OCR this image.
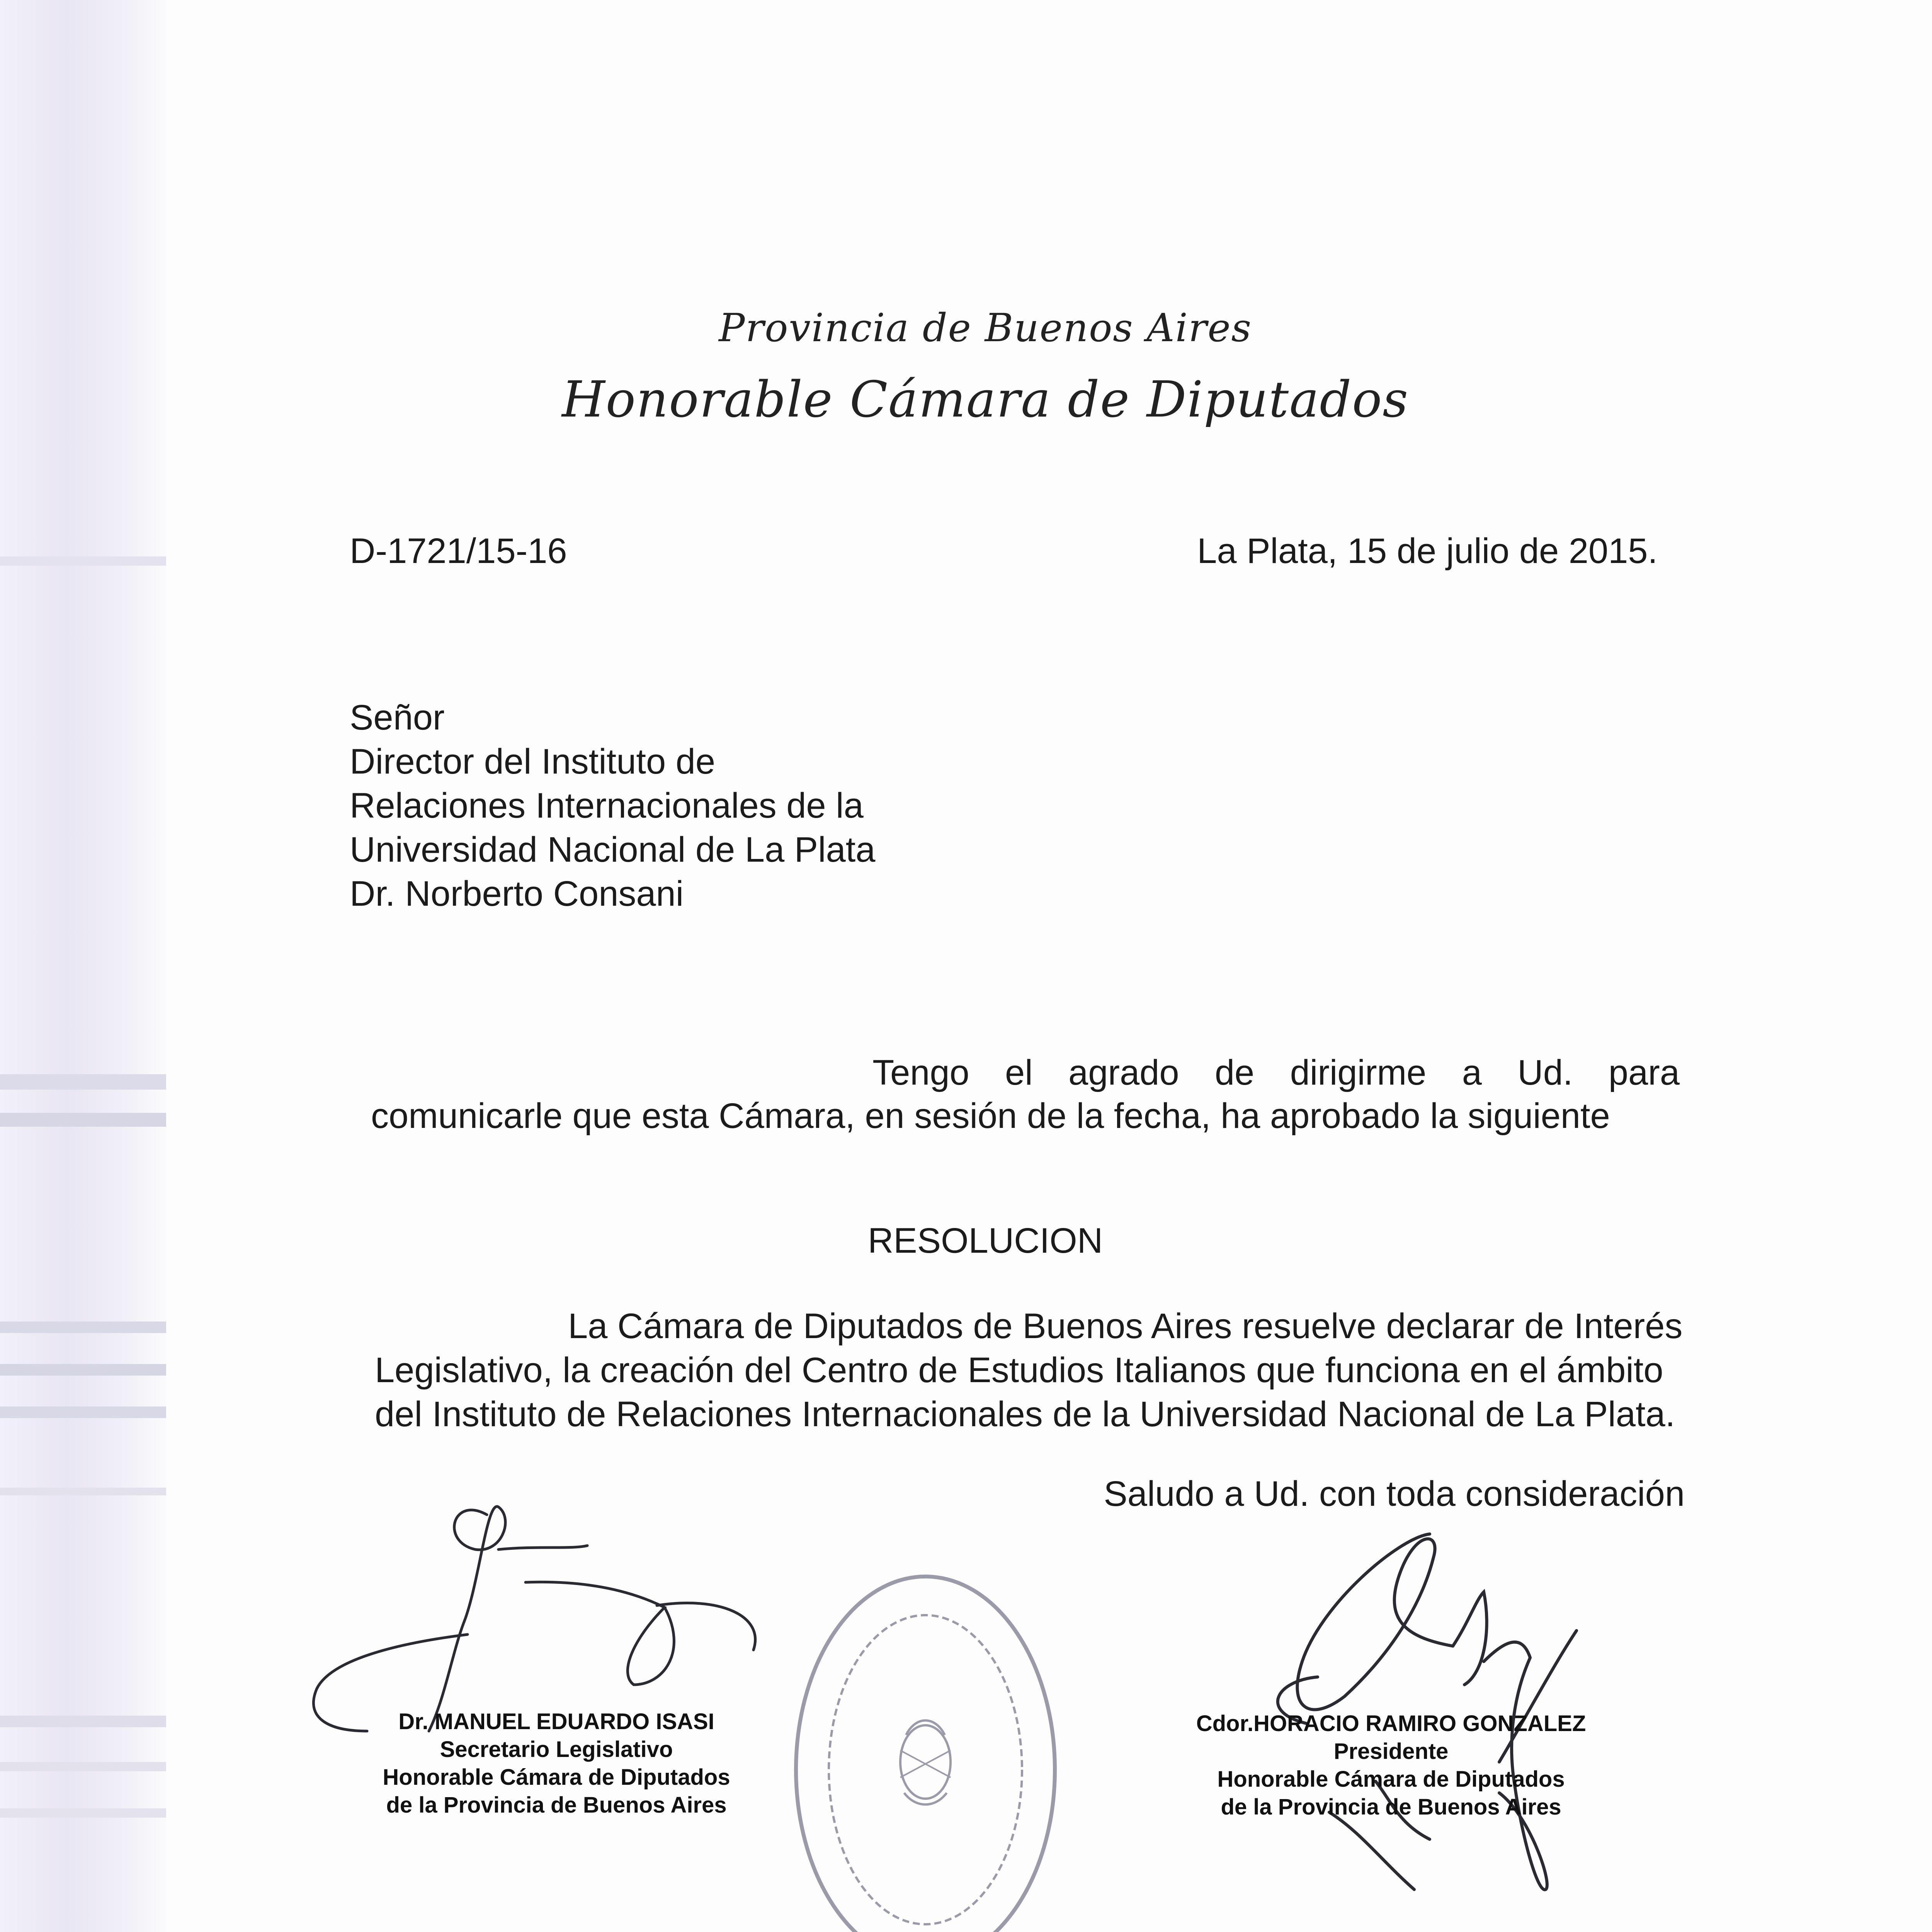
Provincia de Buenos Aires
Honorable Cámara de Diputados
D-1721/15-16	La Plata, 15 de julio de 2015.
Señor
Director del Instituto de
Relaciones Internacionales de la
Universidad Nacional de La Plata
Dr. Norberto Consani
Tengo el agrado de dirigirme a Ud. para
comunicarle que esta Cámara, en sesión de la fecha, ha aprobado la siguiente
RESOLUCION
La Cámara de Diputados de Buenos Aires resuelve declarar de Interés
Legislativo, la creación del Centro de Estudios Italianos que funciona en el ámbito
del Instituto de Relaciones Internacionales de la Universidad Nacional de La Plata.
Saludo a Ud. con toda consideración
Dr. MANUEL EDUARDO ISASI
Secretario Legislativo
Honorable Cámara de Diputados
de la Provincia de Buenos Aires
Cdor.HORACIO RAMIRO GONZALEZ
Presidente
Honorable Cámara de Diputados
de la Provincia de Buenos Aires
